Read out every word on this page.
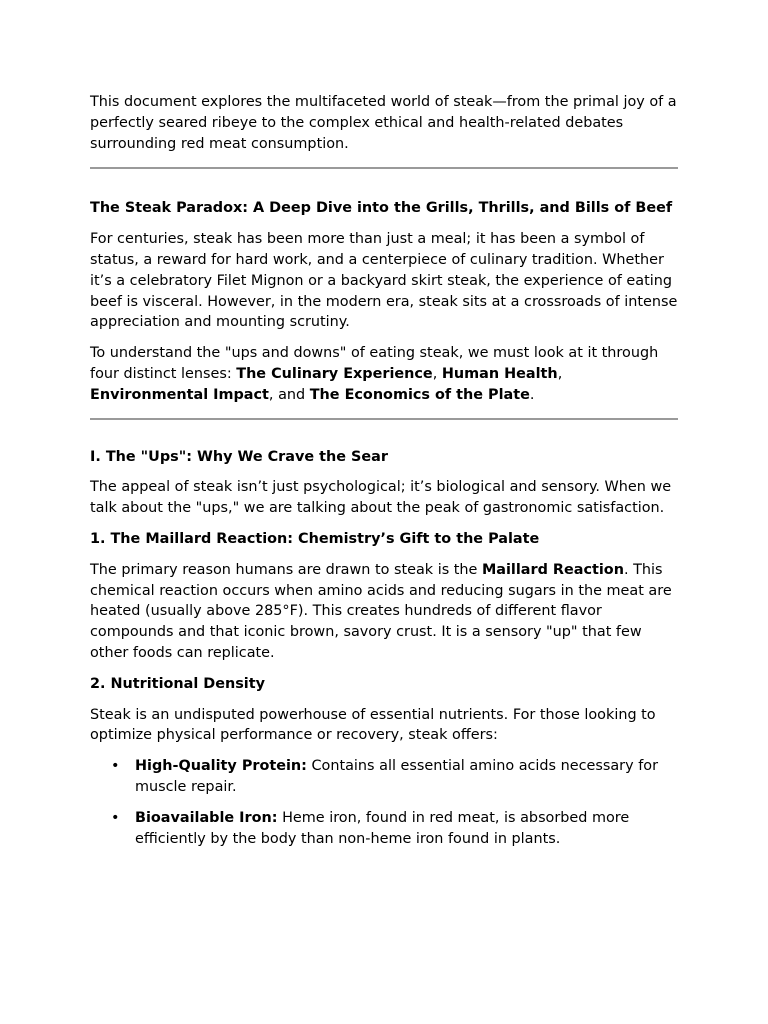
This document explores the multifaceted world of steak—from the primal joy of a perfectly seared ribeye to the complex ethical and health-related debates surrounding red meat consumption.

The Steak Paradox: A Deep Dive into the Grills, Thrills, and Bills of Beef

For centuries, steak has been more than just a meal; it has been a symbol of status, a reward for hard work, and a centerpiece of culinary tradition. Whether it’s a celebratory Filet Mignon or a backyard skirt steak, the experience of eating beef is visceral. However, in the modern era, steak sits at a crossroads of intense appreciation and mounting scrutiny.

To understand the "ups and downs" of eating steak, we must look at it through four distinct lenses: The Culinary Experience, Human Health, Environmental Impact, and The Economics of the Plate.

I. The "Ups": Why We Crave the Sear

The appeal of steak isn’t just psychological; it’s biological and sensory. When we talk about the "ups," we are talking about the peak of gastronomic satisfaction.

1. The Maillard Reaction: Chemistry’s Gift to the Palate

The primary reason humans are drawn to steak is the Maillard Reaction. This chemical reaction occurs when amino acids and reducing sugars in the meat are heated (usually above 285°F). This creates hundreds of different flavor compounds and that iconic brown, savory crust. It is a sensory "up" that few other foods can replicate.

2. Nutritional Density

Steak is an undisputed powerhouse of essential nutrients. For those looking to optimize physical performance or recovery, steak offers:

• High-Quality Protein: Contains all essential amino acids necessary for muscle repair.
• Bioavailable Iron: Heme iron, found in red meat, is absorbed more efficiently by the body than non-heme iron found in plants.
